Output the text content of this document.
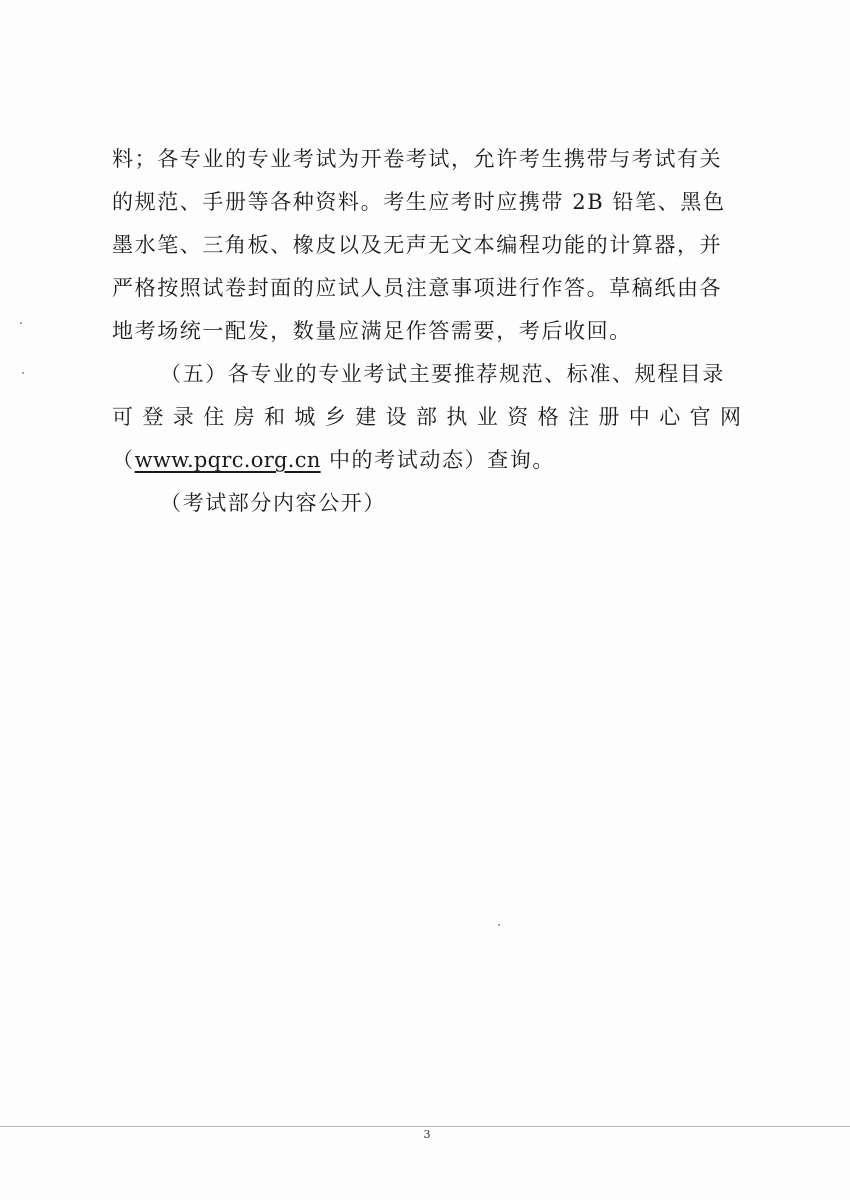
料；各专业的专业考试为开卷考试，允许考生携带与考试有关
的规范、手册等各种资料。考生应考时应携带 2B 铅笔、黑色
墨水笔、三角板、橡皮以及无声无文本编程功能的计算器，并
严格按照试卷封面的应试人员注意事项进行作答。草稿纸由各
地考场统一配发，数量应满足作答需要，考后收回。
（五）各专业的专业考试主要推荐规范、标准、规程目录
可登录住房和城乡建设部执业资格注册中心官网
（www.pqrc.org.cn 中的考试动态）查询。
（考试部分内容公开）
3
